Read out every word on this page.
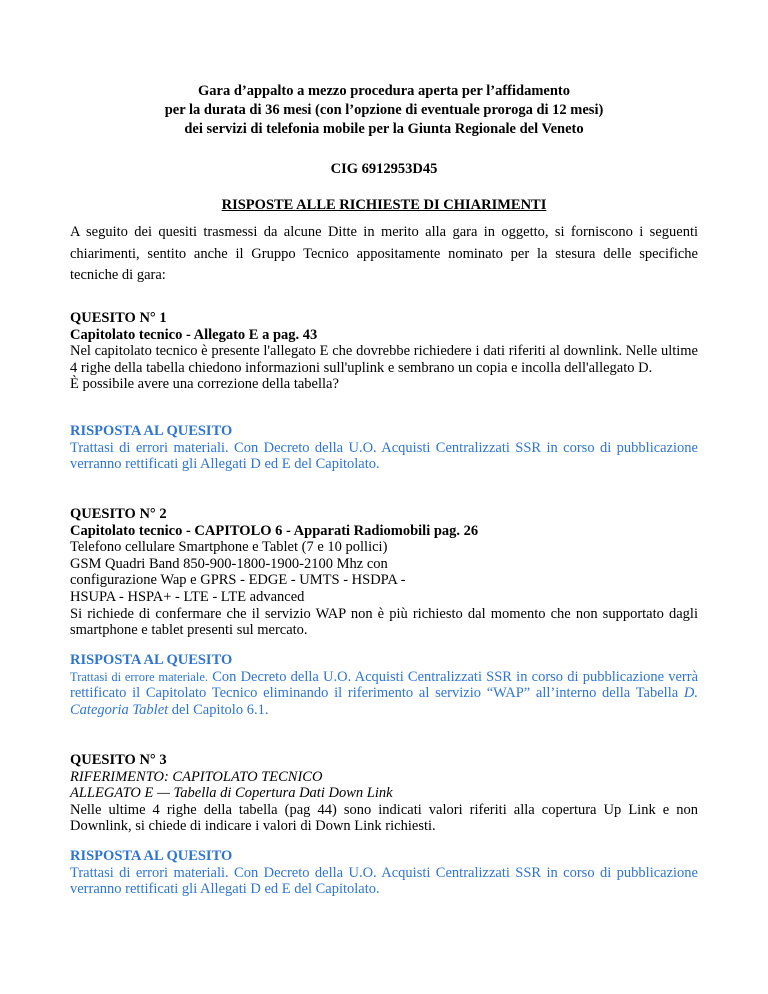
Gara d’appalto a mezzo procedura aperta per l’affidamento
per la durata di 36 mesi (con l’opzione di eventuale proroga di 12 mesi)
dei servizi di telefonia mobile per la Giunta Regionale del Veneto
CIG 6912953D45
RISPOSTE ALLE RICHIESTE DI CHIARIMENTI
A seguito dei quesiti trasmessi da alcune Ditte in merito alla gara in oggetto, si forniscono i seguenti chiarimenti, sentito anche il Gruppo Tecnico appositamente nominato per la stesura delle specifiche tecniche di gara:

QUESITO N° 1

Capitolato tecnico - Allegato E a pag. 43

Nel capitolato tecnico è presente l'allegato E che dovrebbe richiedere i dati riferiti al downlink. Nelle ultime 4 righe della tabella chiedono informazioni sull'uplink e sembrano un copia e incolla dell'allegato D.

È possibile avere una correzione della tabella?

RISPOSTA AL QUESITO

Trattasi di errori materiali. Con Decreto della U.O. Acquisti Centralizzati SSR in corso di pubblicazione verranno rettificati gli Allegati D ed E del Capitolato.

QUESITO N° 2

Capitolato tecnico - CAPITOLO 6 - Apparati Radiomobili pag. 26

Telefono cellulare Smartphone e Tablet (7 e 10 pollici)

GSM Quadri Band 850-900-1800-1900-2100 Mhz con

configurazione Wap e GPRS - EDGE - UMTS - HSDPA -

HSUPA - HSPA+ - LTE - LTE advanced

Si richiede di confermare che il servizio WAP non è più richiesto dal momento che non supportato dagli smartphone e tablet presenti sul mercato.

RISPOSTA AL QUESITO

Trattasi di errore materiale. Con Decreto della U.O. Acquisti Centralizzati SSR in corso di pubblicazione verrà rettificato il Capitolato Tecnico eliminando il riferimento al servizio “WAP” all’interno della Tabella D. Categoria Tablet del Capitolo 6.1.

QUESITO N° 3

RIFERIMENTO: CAPITOLATO TECNICO

ALLEGATO E — Tabella di Copertura Dati Down Link

Nelle ultime 4 righe della tabella (pag 44) sono indicati valori riferiti alla copertura Up Link e non Downlink, si chiede di indicare i valori di Down Link richiesti.

RISPOSTA AL QUESITO

Trattasi di errori materiali. Con Decreto della U.O. Acquisti Centralizzati SSR in corso di pubblicazione verranno rettificati gli Allegati D ed E del Capitolato.
